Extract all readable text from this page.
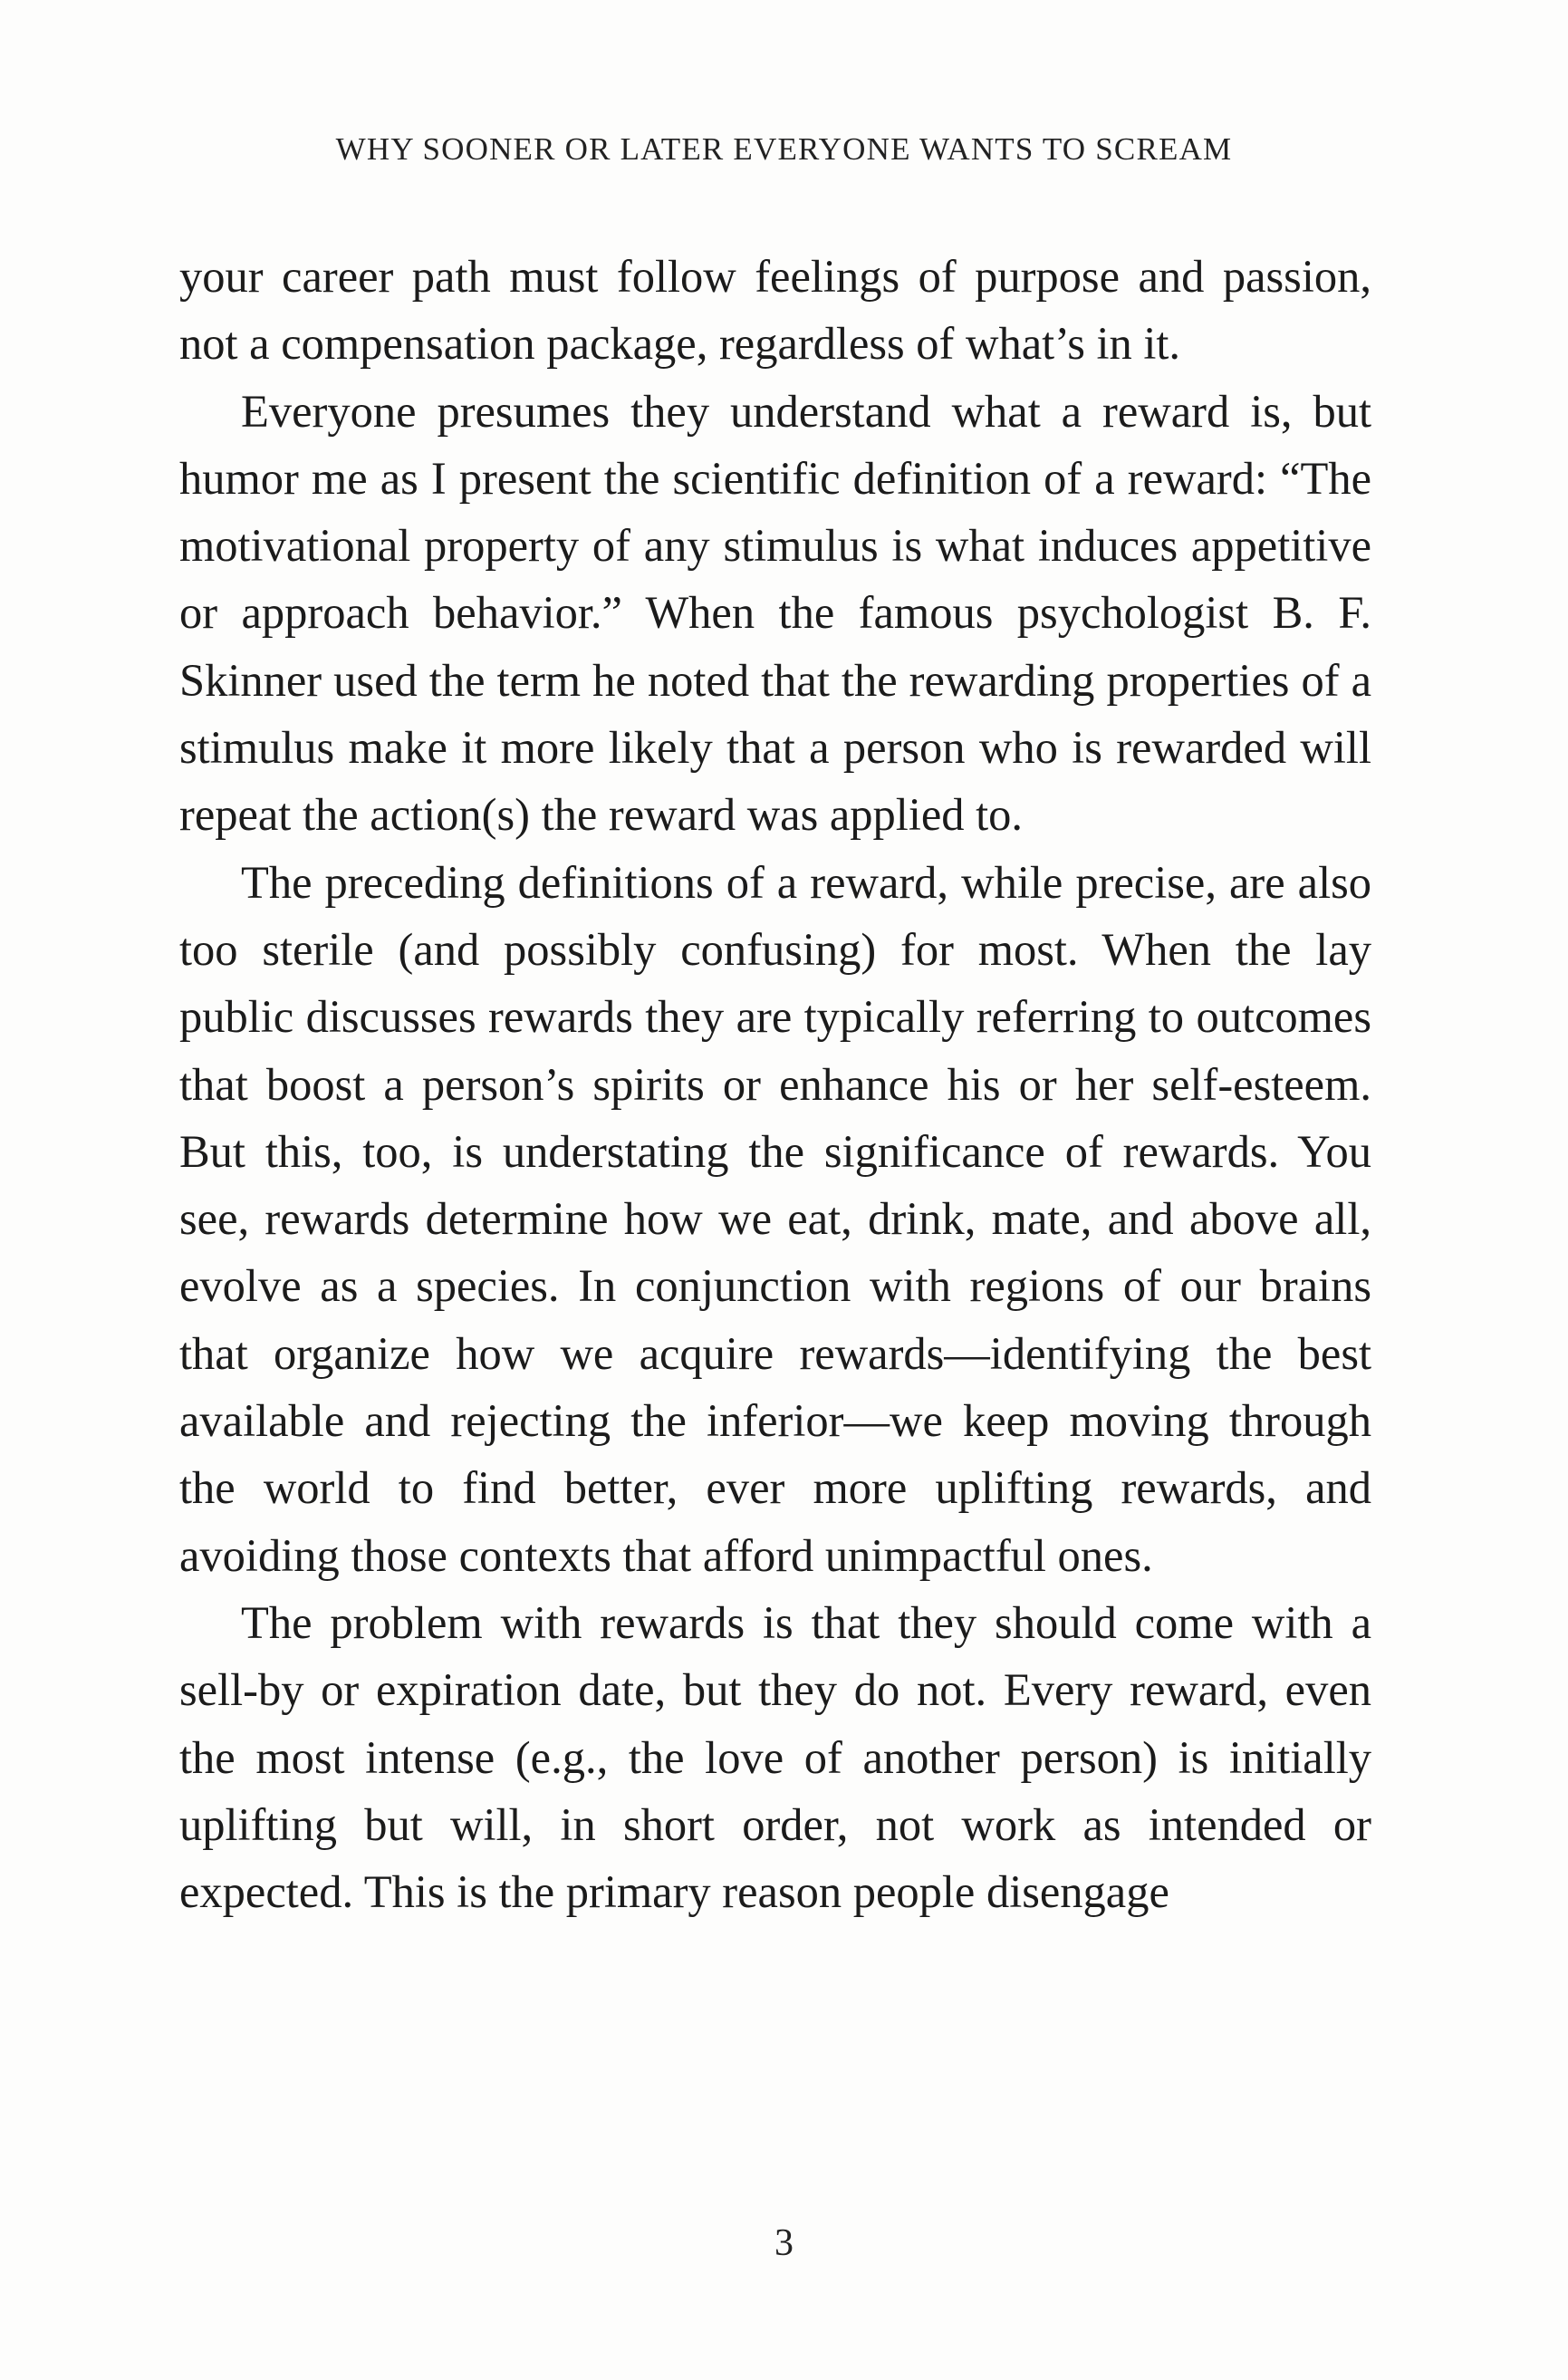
WHY SOONER OR LATER EVERYONE WANTS TO SCREAM

your career path must follow feelings of purpose and passion, not a compensation package, regardless of what’s in it.

Everyone presumes they understand what a reward is, but humor me as I present the scientific definition of a reward: “The motivational property of any stimulus is what induces appetitive or approach behavior.” When the famous psychologist B. F. Skinner used the term he noted that the rewarding properties of a stimulus make it more likely that a person who is rewarded will repeat the action(s) the reward was applied to.

The preceding definitions of a reward, while precise, are also too sterile (and possibly confusing) for most. When the lay public discusses rewards they are typically referring to outcomes that boost a person’s spirits or enhance his or her self-esteem. But this, too, is understating the significance of rewards. You see, rewards determine how we eat, drink, mate, and above all, evolve as a species. In conjunction with regions of our brains that organize how we acquire rewards—identifying the best available and rejecting the inferior—we keep moving through the world to find better, ever more uplifting rewards, and avoiding those contexts that afford unimpactful ones.

The problem with rewards is that they should come with a sell-by or expiration date, but they do not. Every reward, even the most intense (e.g., the love of another person) is initially uplifting but will, in short order, not work as intended or expected. This is the primary reason people disengage

3
